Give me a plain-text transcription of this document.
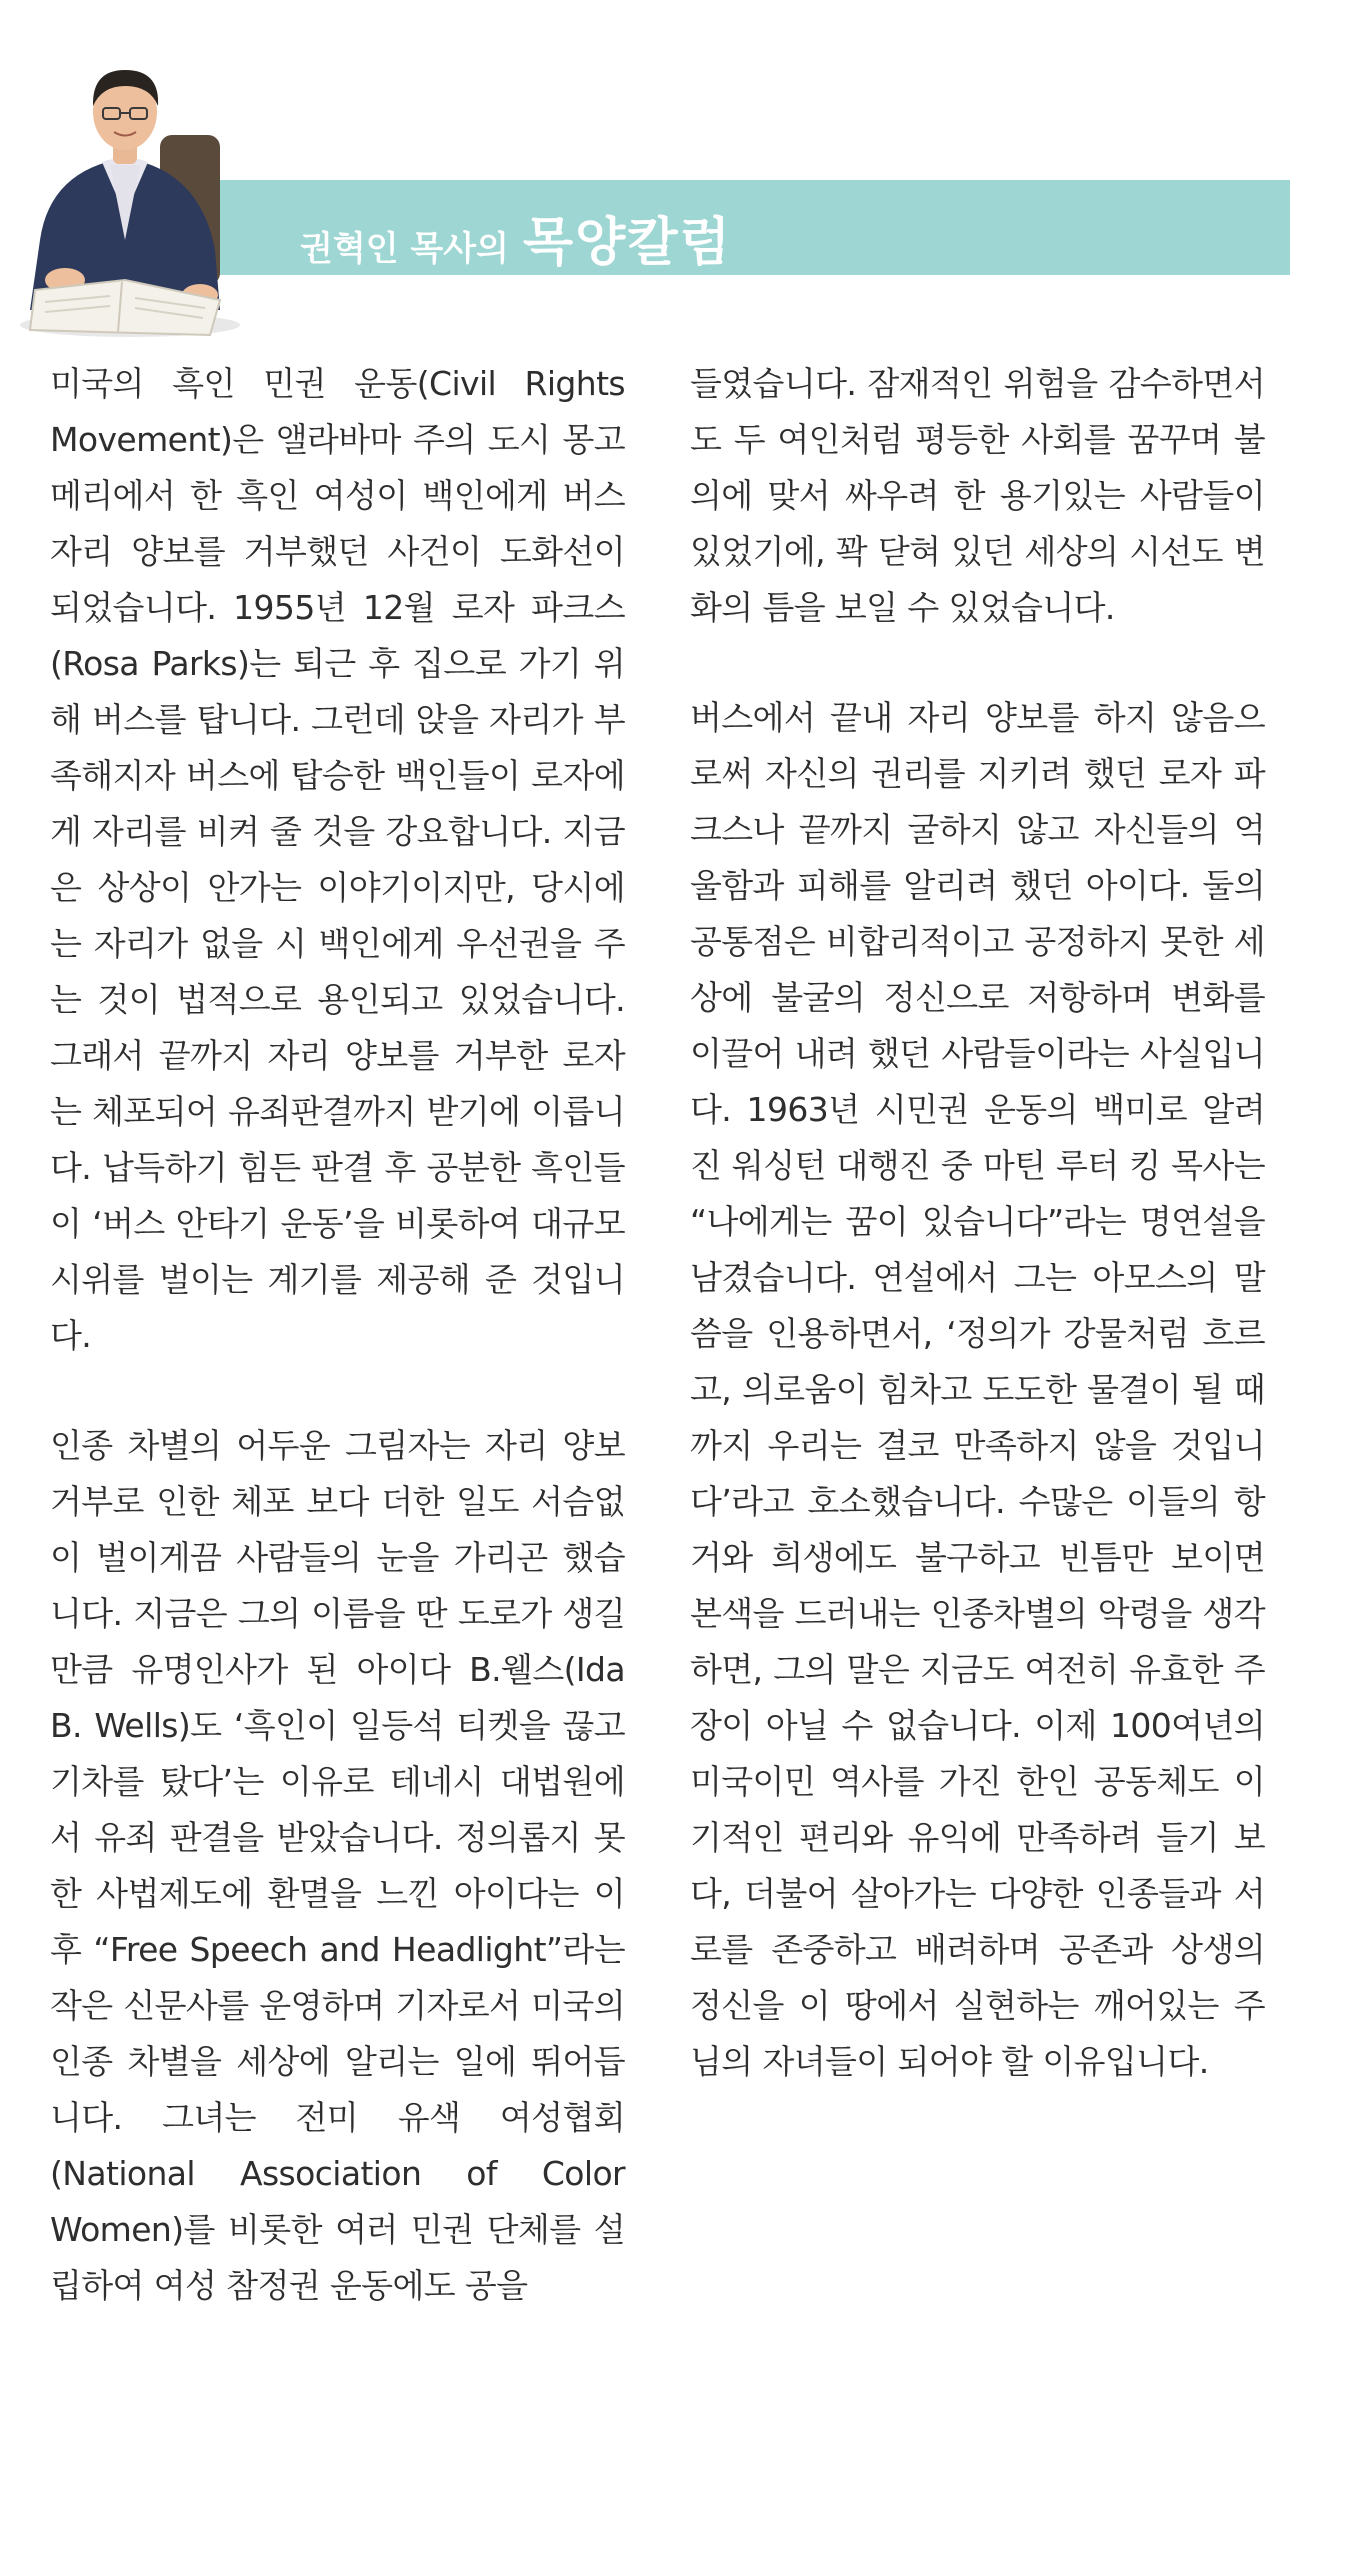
권혁인 목사의 목양칼럼

미국의 흑인 민권 운동(Civil Rights Movement)은 앨라바마 주의 도시 몽고메리에서 한 흑인 여성이 백인에게 버스 자리 양보를 거부했던 사건이 도화선이 되었습니다. 1955년 12월 로자 파크스(Rosa Parks)는 퇴근 후 집으로 가기 위해 버스를 탑니다. 그런데 앉을 자리가 부족해지자 버스에 탑승한 백인들이 로자에게 자리를 비켜 줄 것을 강요합니다. 지금은 상상이 안가는 이야기이지만, 당시에는 자리가 없을 시 백인에게 우선권을 주는 것이 법적으로 용인되고 있었습니다. 그래서 끝까지 자리 양보를 거부한 로자는 체포되어 유죄판결까지 받기에 이릅니다. 납득하기 힘든 판결 후 공분한 흑인들이 ‘버스 안타기 운동’을 비롯하여 대규모 시위를 벌이는 계기를 제공해 준 것입니다.

인종 차별의 어두운 그림자는 자리 양보 거부로 인한 체포 보다 더한 일도 서슴없이 벌이게끔 사람들의 눈을 가리곤 했습니다. 지금은 그의 이름을 딴 도로가 생길만큼 유명인사가 된 아이다 B.웰스(Ida B. Wells)도 ‘흑인이 일등석 티켓을 끊고 기차를 탔다’는 이유로 테네시 대법원에서 유죄 판결을 받았습니다. 정의롭지 못한 사법제도에 환멸을 느낀 아이다는 이후 “Free Speech and Headlight”라는 작은 신문사를 운영하며 기자로서 미국의 인종 차별을 세상에 알리는 일에 뛰어듭니다. 그녀는 전미 유색 여성협회(National Association of Color Women)를 비롯한 여러 민권 단체를 설립하여 여성 참정권 운동에도 공을

들였습니다. 잠재적인 위험을 감수하면서도 두 여인처럼 평등한 사회를 꿈꾸며 불의에 맞서 싸우려 한 용기있는 사람들이 있었기에, 꽉 닫혀 있던 세상의 시선도 변화의 틈을 보일 수 있었습니다.

버스에서 끝내 자리 양보를 하지 않음으로써 자신의 권리를 지키려 했던 로자 파크스나 끝까지 굴하지 않고 자신들의 억울함과 피해를 알리려 했던 아이다. 둘의 공통점은 비합리적이고 공정하지 못한 세상에 불굴의 정신으로 저항하며 변화를 이끌어 내려 했던 사람들이라는 사실입니다. 1963년 시민권 운동의 백미로 알려진 워싱턴 대행진 중 마틴 루터 킹 목사는 “나에게는 꿈이 있습니다”라는 명연설을 남겼습니다. 연설에서 그는 아모스의 말씀을 인용하면서, ‘정의가 강물처럼 흐르고, 의로움이 힘차고 도도한 물결이 될 때까지 우리는 결코 만족하지 않을 것입니다’라고 호소했습니다. 수많은 이들의 항거와 희생에도 불구하고 빈틈만 보이면 본색을 드러내는 인종차별의 악령을 생각하면, 그의 말은 지금도 여전히 유효한 주장이 아닐 수 없습니다. 이제 100여년의 미국이민 역사를 가진 한인 공동체도 이기적인 편리와 유익에 만족하려 들기 보다, 더불어 살아가는 다양한 인종들과 서로를 존중하고 배려하며 공존과 상생의 정신을 이 땅에서 실현하는 깨어있는 주님의 자녀들이 되어야 할 이유입니다.
